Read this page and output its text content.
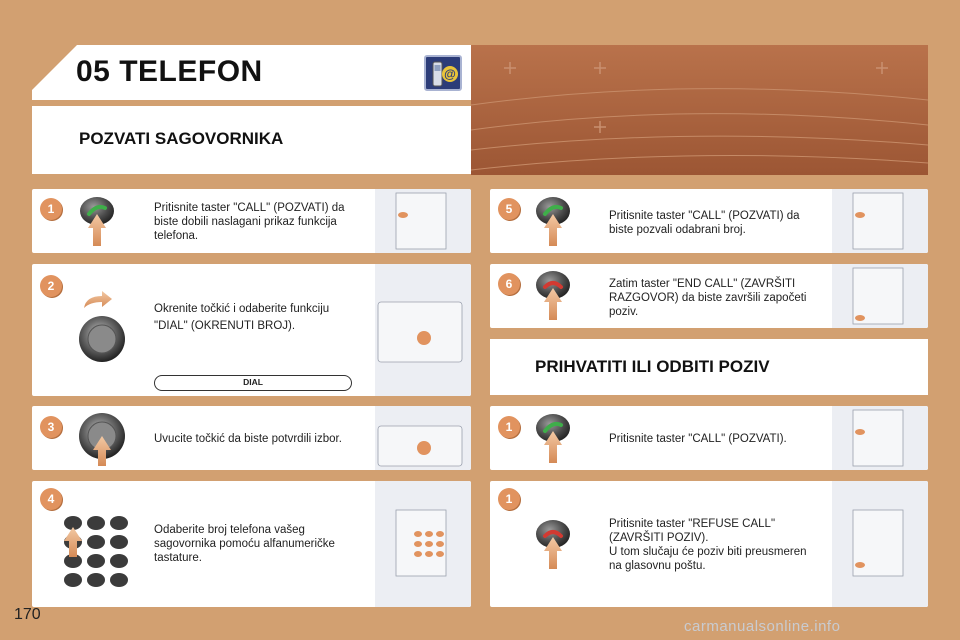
05 TELEFON	@
POZVATI SAGOVORNIKA
PRIHVATITI ILI ODBITI POZIV
1
2
3
4
5
6
1
1
Pritisnite taster "CALL" (POZVATI) da
biste dobili naslagani prikaz funkcija
telefona.
Okrenite točkić i odaberite funkciju
"DIAL" (OKRENUTI BROJ).
DIAL
Uvucite točkić da biste potvrdili izbor.
Odaberite broj telefona vašeg
sagovornika pomoću alfanumeričke
tastature.
Pritisnite taster "CALL" (POZVATI) da
biste pozvali odabrani broj.
Zatim taster "END CALL" (ZAVRŠITI
RAZGOVOR) da biste završili započeti
poziv.
Pritisnite taster "CALL" (POZVATI).
Pritisnite taster "REFUSE CALL"
(ZAVRŠITI POZIV).
U tom slučaju će poziv biti preusmeren
na glasovnu poštu.
170
carmanualsonline.info
